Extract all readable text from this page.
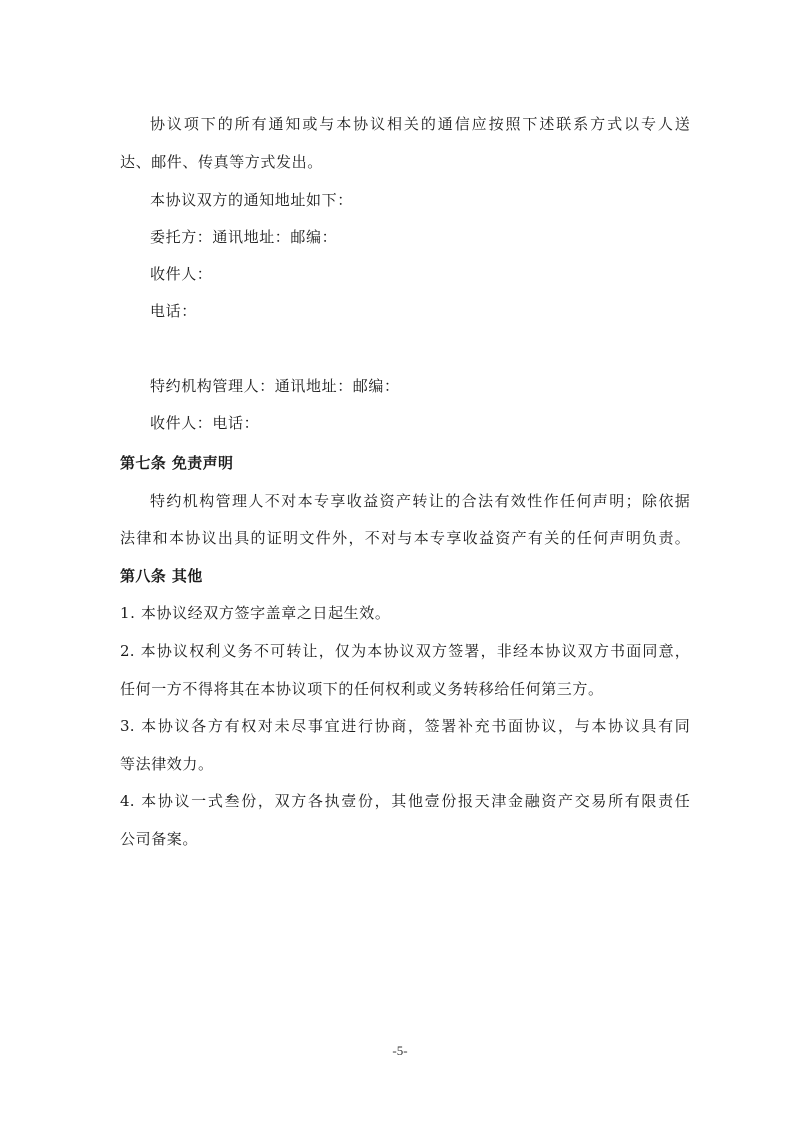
协议项下的所有通知或与本协议相关的通信应按照下述联系方式以专人送
达、邮件、传真等方式发出。
本协议双方的通知地址如下：
委托方：通讯地址：邮编：
收件人：
电话：
特约机构管理人：通讯地址：邮编：
收件人：电话：
第七条 免责声明
特约机构管理人不对本专享收益资产转让的合法有效性作任何声明；除依据
法律和本协议出具的证明文件外，不对与本专享收益资产有关的任何声明负责。
第八条 其他
1. 本协议经双方签字盖章之日起生效。
2. 本协议权利义务不可转让，仅为本协议双方签署，非经本协议双方书面同意，
任何一方不得将其在本协议项下的任何权利或义务转移给任何第三方。
3. 本协议各方有权对未尽事宜进行协商，签署补充书面协议，与本协议具有同
等法律效力。
4. 本协议一式叁份，双方各执壹份，其他壹份报天津金融资产交易所有限责任
公司备案。
-5-
